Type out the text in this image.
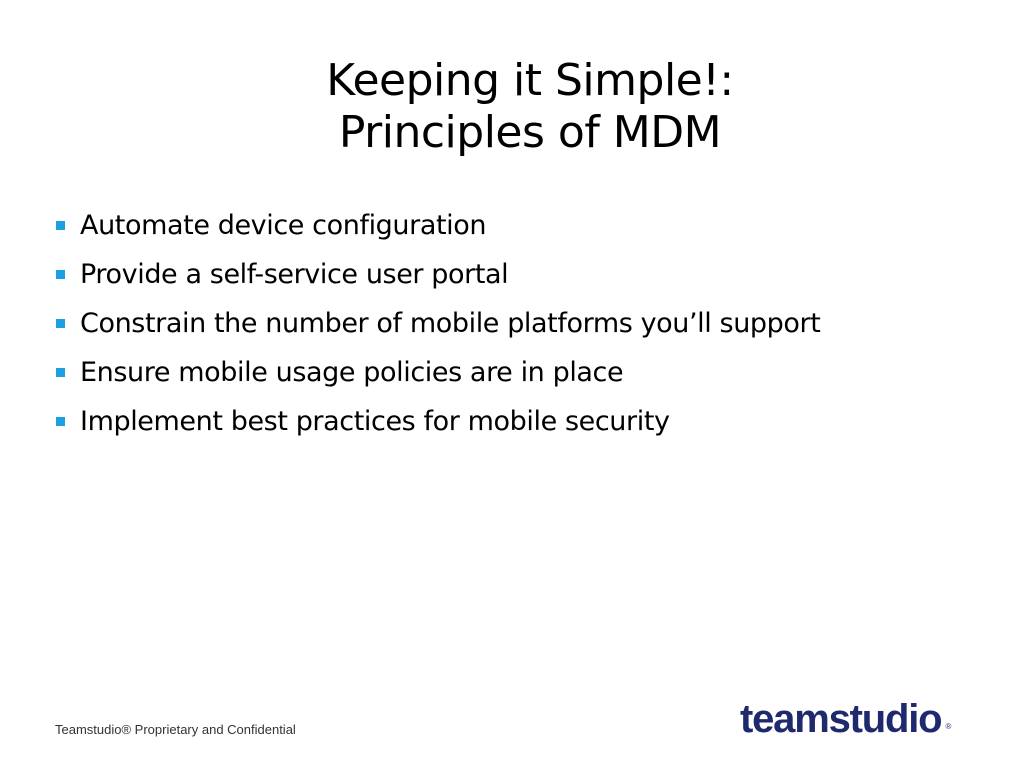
Keeping it Simple!:
Principles of MDM
Automate device configuration
Provide a self-service user portal
Constrain the number of mobile platforms you’ll support
Ensure mobile usage policies are in place
Implement best practices for mobile security
Teamstudio® Proprietary and Confidential	teamstudio ®
